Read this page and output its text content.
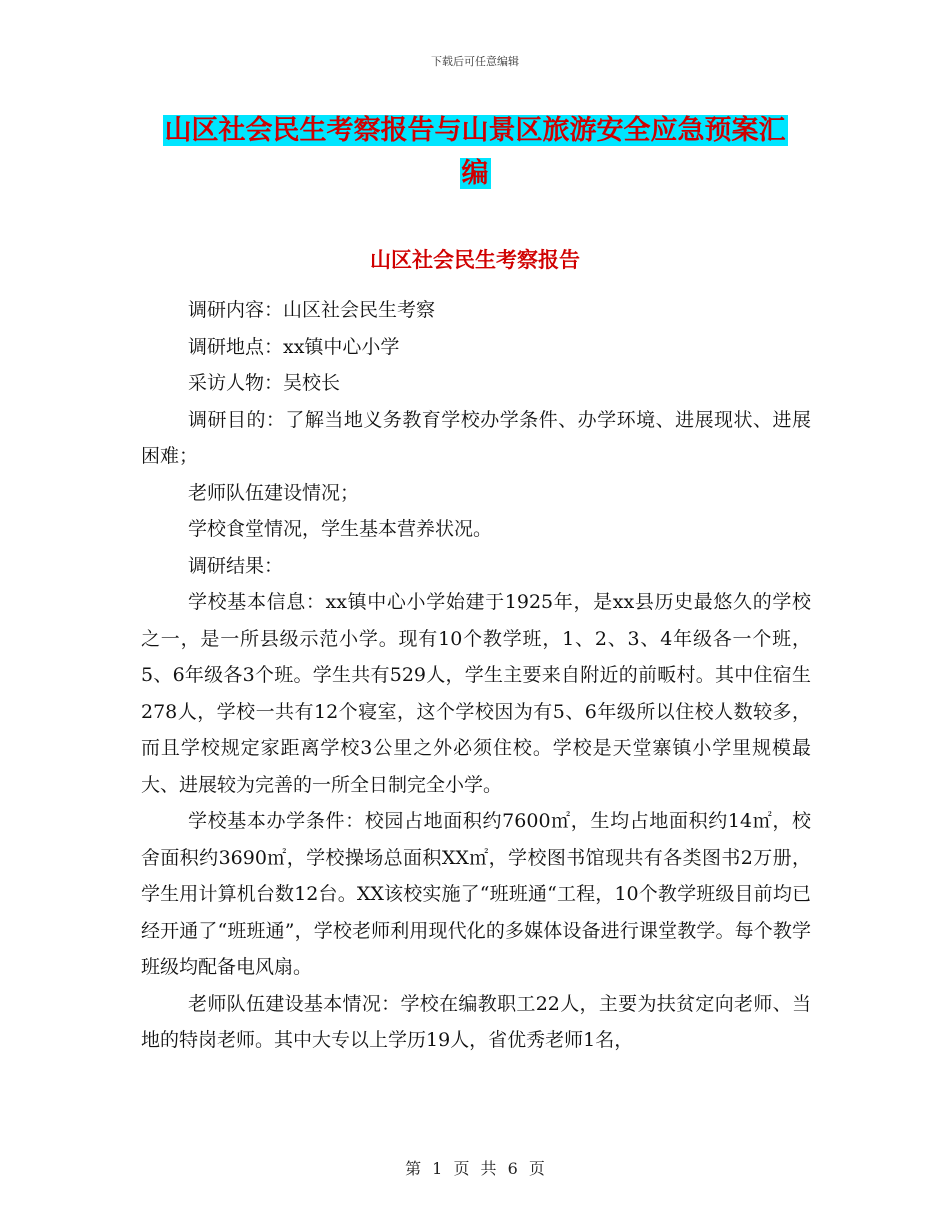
下载后可任意编辑
山区社会民生考察报告与山景区旅游安全应急预案汇
编
山区社会民生考察报告

调研内容：山区社会民生考察

调研地点：xx镇中心小学

采访人物：吴校长

调研目的：了解当地义务教育学校办学条件、办学环境、进展现状、进展困难；

老师队伍建设情况；

学校食堂情况，学生基本营养状况。

调研结果：

学校基本信息：xx镇中心小学始建于1925年，是xx县历史最悠久的学校之一，是一所县级示范小学。现有10个教学班，1、2、3、4年级各一个班，5、6年级各3个班。学生共有529人，学生主要来自附近的前畈村。其中住宿生278人，学校一共有12个寝室，这个学校因为有5、6年级所以住校人数较多，而且学校规定家距离学校3公里之外必须住校。学校是天堂寨镇小学里规模最大、进展较为完善的一所全日制完全小学。

学校基本办学条件：校园占地面积约7600㎡，生均占地面积约14㎡，校舍面积约3690㎡，学校操场总面积XX㎡，学校图书馆现共有各类图书2万册，学生用计算机台数12台。XX该校实施了“班班通“工程，10个教学班级目前均已经开通了“班班通”，学校老师利用现代化的多媒体设备进行课堂教学。每个教学班级均配备电风扇。

老师队伍建设基本情况：学校在编教职工22人，主要为扶贫定向老师、当地的特岗老师。其中大专以上学历19人，省优秀老师1名，

第 1 页 共 6 页
